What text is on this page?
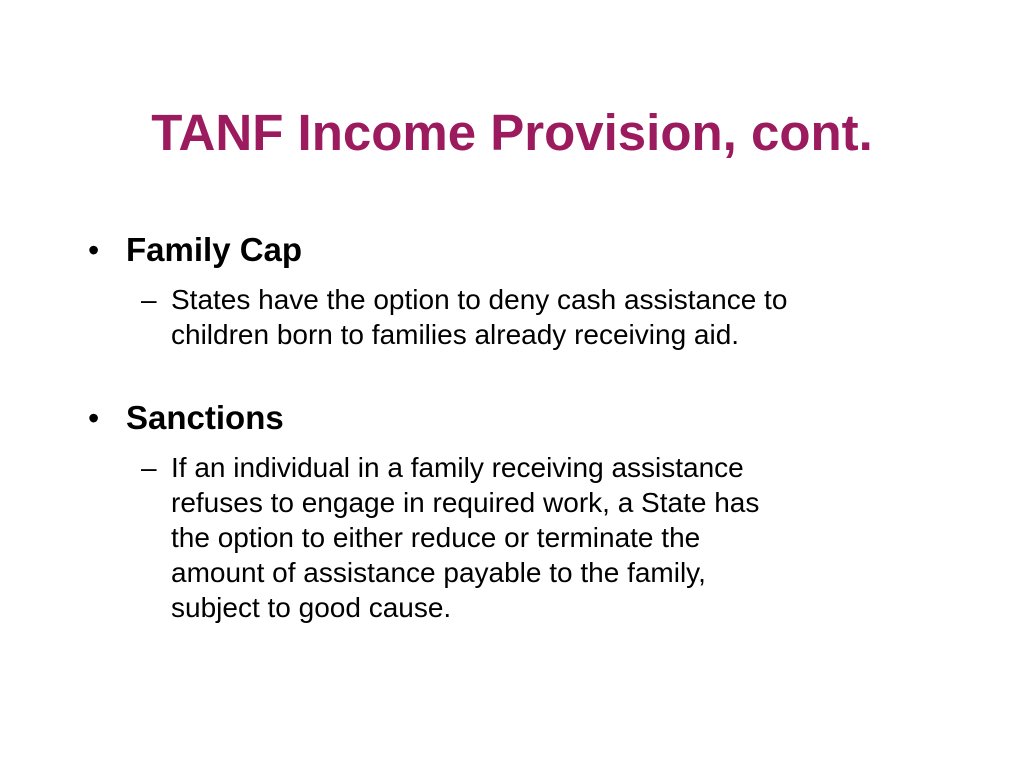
TANF Income Provision, cont.
• Family Cap
– States have the option to deny cash assistance to
children born to families already receiving aid.
• Sanctions
– If an individual in a family receiving assistance
refuses to engage in required work, a State has
the option to either reduce or terminate the
amount of assistance payable to the family,
subject to good cause.
